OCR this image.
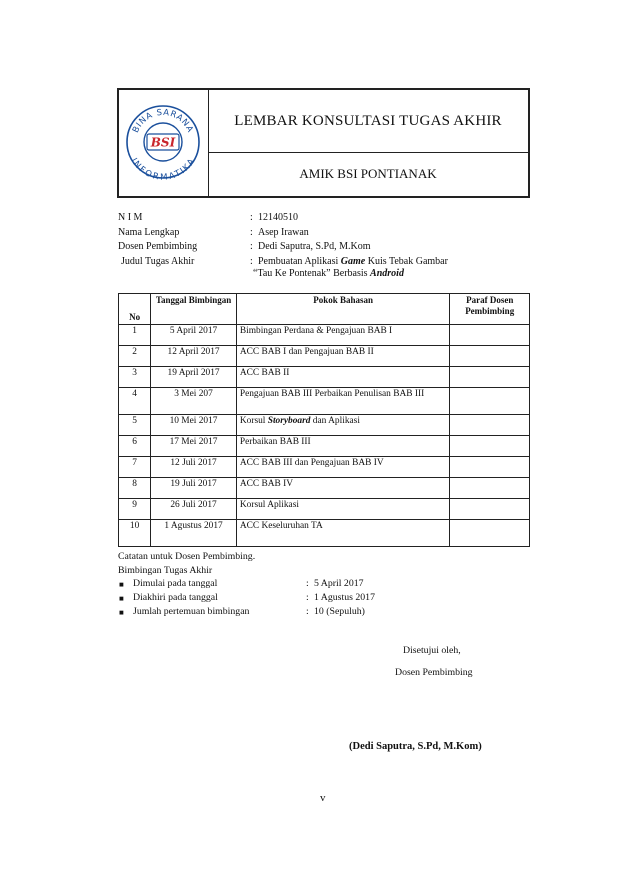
BINA SARANA
INFORMATIKA
BSI
LEMBAR KONSULTASI TUGAS AKHIR
AMIK BSI PONTIANAK
N I M	: 12140510
Nama Lengkap	: Asep Irawan
Dosen Pembimbing	: Dedi Saputra, S.Pd, M.Kom
Judul Tugas Akhir	: Pembuatan Aplikasi Game Kuis Tebak Gambar
“Tau Ke Pontenak” Berbasis Android
No	Tanggal Bimbingan	Pokok Bahasan	Paraf Dosen Pembimbing
1	5 April 2017	Bimbingan Perdana & Pengajuan BAB I	
2	12 April 2017	ACC BAB I dan Pengajuan BAB II	
3	19 April 2017	ACC BAB II	
4	3 Mei 207	Pengajuan BAB III Perbaikan Penulisan BAB III	
5	10 Mei 2017	Korsul Storyboard dan Aplikasi	
6	17 Mei 2017	Perbaikan BAB III	
7	12 Juli 2017	ACC BAB III dan Pengajuan BAB IV	
8	19 Juli 2017	ACC BAB IV	
9	26 Juli 2017	Korsul Aplikasi	
10	1 Agustus 2017	ACC Keseluruhan TA	
Catatan untuk Dosen Pembimbing.
Bimbingan Tugas Akhir
■ Dimulai pada tanggal	: 5 April 2017
■ Diakhiri pada tanggal	: 1 Agustus 2017
■ Jumlah pertemuan bimbingan	: 10 (Sepuluh)
Disetujui oleh,
Dosen Pembimbing
(Dedi Saputra, S.Pd, M.Kom)
v
